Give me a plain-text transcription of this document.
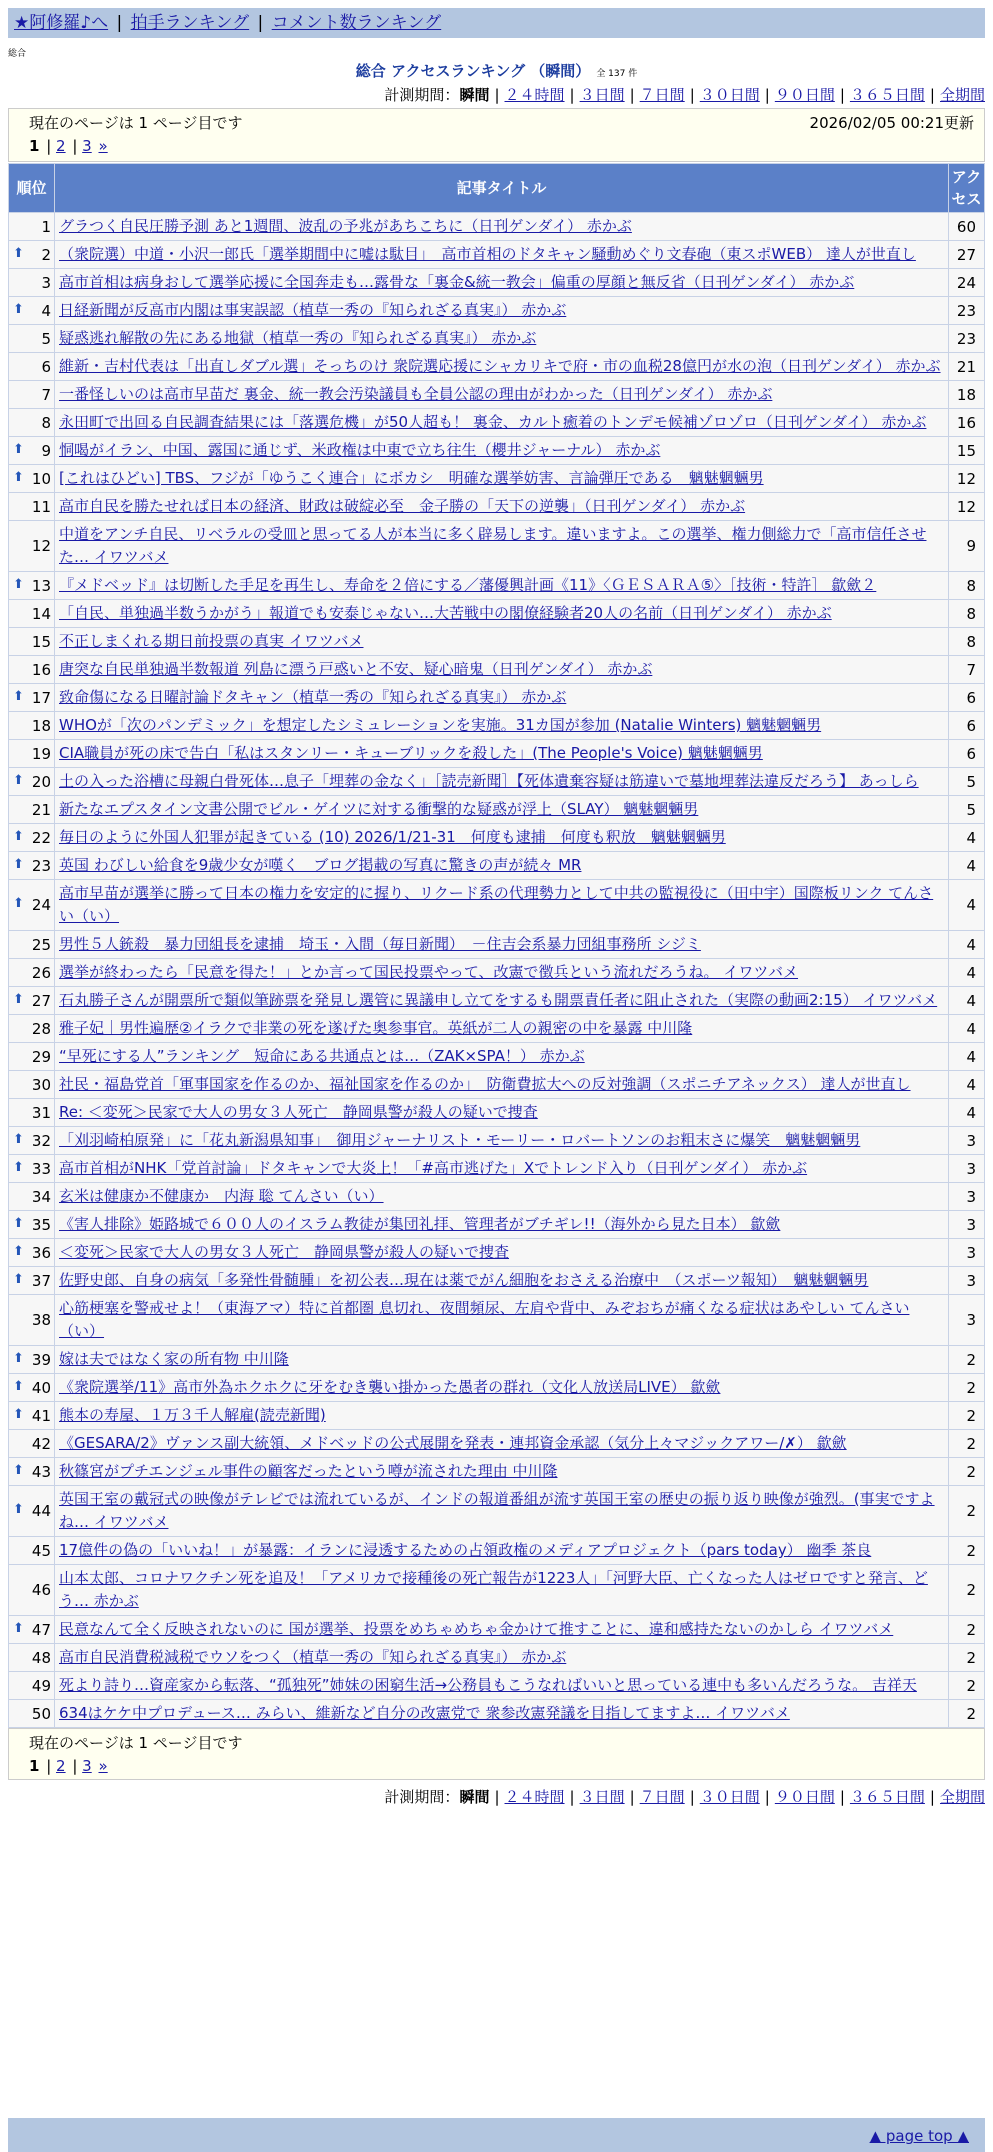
★阿修羅♪へ | 拍手ランキング | コメント数ランキング
総合
総合 アクセスランキング （瞬間） 全 137 件
計測期間：瞬間 | ２４時間 | ３日間 | ７日間 | ３０日間 | ９０日間 | ３６５日間 | 全期間
現在のページは 1 ページ目です	2026/02/05 00:21更新
1 | 2 | 3 »
順位	記事タイトル	アクセス
1	グラつく自民圧勝予測 あと1週間、波乱の予兆があちこちに（日刊ゲンダイ） 赤かぶ	60

⬆ 2	（衆院選）中道・小沢一郎氏「選挙期間中に嘘は駄目」　高市首相のドタキャン騒動めぐり文春砲（東スポWEB） 達人が世直し	27
3	高市首相は病身おして選挙応援に全国奔走も…露骨な「裏金&統一教会」偏重の厚顔と無反省（日刊ゲンダイ） 赤かぶ	24

⬆ 4	日経新聞が反高市内閣は事実誤認（植草一秀の『知られざる真実』） 赤かぶ	23
5	疑惑逃れ解散の先にある地獄（植草一秀の『知られざる真実』） 赤かぶ	23
6	維新・吉村代表は「出直しダブル選」そっちのけ 衆院選応援にシャカリキで府・市の血税28億円が水の泡（日刊ゲンダイ） 赤かぶ	21
7	一番怪しいのは高市早苗だ 裏金、統一教会汚染議員も全員公認の理由がわかった（日刊ゲンダイ） 赤かぶ	18
8	永田町で出回る自民調査結果には「落選危機」が50人超も！ 裏金、カルト癒着のトンデモ候補ゾロゾロ（日刊ゲンダイ） 赤かぶ	16

⬆ 9	恫喝がイラン、中国、露国に通じず、米政権は中東で立ち往生（櫻井ジャーナル） 赤かぶ	15

⬆ 10	[これはひどい] TBS、フジが「ゆうこく連合」にボカシ　明確な選挙妨害、言論弾圧である　魑魅魍魎男	12
11	高市自民を勝たせれば日本の経済、財政は破綻必至　金子勝の「天下の逆襲」（日刊ゲンダイ） 赤かぶ	12
12	中道をアンチ自民、リベラルの受皿と思ってる人が本当に多く辟易します。違いますよ。この選挙、権力側総力で「高市信任させた… イワツバメ	9

⬆ 13	『メドベッド』は切断した手足を再生し、寿命を２倍にする／藩優興計画《11》〈ＧＥＳＡＲＡ⑤〉［技術・特許］ 歙歛２	8
14	「自民、単独過半数うかがう」報道でも安泰じゃない…大苦戦中の閣僚経験者20人の名前（日刊ゲンダイ） 赤かぶ	8
15	不正しまくれる期日前投票の真実 イワツバメ	8
16	唐突な自民単独過半数報道 列島に漂う戸惑いと不安、疑心暗鬼（日刊ゲンダイ） 赤かぶ	7

⬆ 17	致命傷になる日曜討論ドタキャン（植草一秀の『知られざる真実』） 赤かぶ	6
18	WHOが「次のパンデミック」を想定したシミュレーションを実施。31カ国が参加 (Natalie Winters) 魑魅魍魎男	6
19	CIA職員が死の床で告白「私はスタンリー・キューブリックを殺した」(The People's Voice) 魑魅魍魎男	6

⬆ 20	土の入った浴槽に母親白骨死体…息子「埋葬の金なく」［読売新聞］【死体遺棄容疑は筋違いで墓地埋葬法違反だろう】 あっしら	5
21	新たなエプスタイン文書公開でビル・ゲイツに対する衝撃的な疑惑が浮上（SLAY） 魑魅魍魎男	5

⬆ 22	毎日のように外国人犯罪が起きている (10) 2026/1/21-31　何度も逮捕　何度も釈放　魑魅魍魎男	4

⬆ 23	英国 わびしい給食を9歳少女が嘆く　ブログ掲載の写真に驚きの声が続々 MR	4

⬆ 24	高市早苗が選挙に勝って日本の権力を安定的に握り、リクード系の代理勢力として中共の監視役に（田中宇）国際板リンク てんさい（い）	4
25	男性５人銃殺　暴力団組長を逮捕　埼玉・入間（毎日新聞）　－住吉会系暴力団組事務所 シジミ	4
26	選挙が終わったら「民意を得た！」とか言って国民投票やって、改憲で徴兵という流れだろうね。 イワツバメ	4

⬆ 27	石丸勝子さんが開票所で類似筆跡票を発見し選管に異議申し立てをするも開票責任者に阻止された（実際の動画2:15） イワツバメ	4
28	雅子妃｜男性遍歴②イラクで非業の死を遂げた奥参事官。英紙が二人の親密の中を暴露 中川隆	4
29	“早死にする人”ランキング　短命にある共通点とは…（ZAK×SPA！） 赤かぶ	4
30	社民・福島党首「軍事国家を作るのか、福祉国家を作るのか」　防衛費拡大への反対強調（スポニチアネックス） 達人が世直し	4
31	Re: ＜変死＞民家で大人の男女３人死亡　静岡県警が殺人の疑いで捜査	4

⬆ 32	「刈羽崎柏原発」に「花丸新潟県知事」　御用ジャーナリスト・モーリー・ロバートソンのお粗末さに爆笑　魑魅魍魎男	3

⬆ 33	高市首相がNHK「党首討論」ドタキャンで大炎上！「#高市逃げた」Xでトレンド入り（日刊ゲンダイ） 赤かぶ	3
34	玄米は健康か不健康か　内海 聡 てんさい（い）	3

⬆ 35	《害人排除》姫路城で６００人のイスラム教徒が集団礼拝、管理者がブチギレ!!（海外から見た日本） 歙歛	3

⬆ 36	＜変死＞民家で大人の男女３人死亡　静岡県警が殺人の疑いで捜査	3

⬆ 37	佐野史郎、自身の病気「多発性骨髄腫」を初公表…現在は薬でがん細胞をおさえる治療中　（スポーツ報知）　魑魅魍魎男	3
38	心筋梗塞を警戒せよ！（東海アマ）特に首都圏 息切れ、夜間頻尿、左肩や背中、みぞおちが痛くなる症状はあやしい てんさい（い）	3

⬆ 39	嫁は夫ではなく家の所有物 中川隆	2

⬆ 40	《衆院選挙/11》高市外為ホクホクに牙をむき襲い掛かった愚者の群れ（文化人放送局LIVE） 歙歛	2

⬆ 41	熊本の寿屋、１万３千人解雇(読売新聞)	2
42	《GESARA/2》ヴァンス副大統領、メドベッドの公式展開を発表・連邦資金承認（気分上々マジックアワー/✗） 歙歛	2

⬆ 43	秋篠宮がプチエンジェル事件の顧客だったという噂が流された理由 中川隆	2

⬆ 44	英国王室の戴冠式の映像がテレビでは流れているが、インドの報道番組が流す英国王室の歴史の振り返り映像が強烈。(事実ですよね… イワツバメ	2
45	17億件の偽の「いいね！」が暴露：イランに浸透するための占領政権のメディアプロジェクト（pars today） 幽季 茶良	2
46	山本太郎、コロナワクチン死を追及！「アメリカで接種後の死亡報告が1223人」「河野大臣、亡くなった人はゼロですと発言、どう… 赤かぶ	2

⬆ 47	民意なんて全く反映されないのに 国が選挙、投票をめちゃめちゃ金かけて推すことに、違和感持たないのかしら イワツバメ	2
48	高市自民消費税減税でウソをつく（植草一秀の『知られざる真実』） 赤かぶ	2
49	死より詩り…資産家から転落、“孤独死”姉妹の困窮生活→公務員もこうなればいいと思っている連中も多いんだろうな。 吉祥天	2
50	634はケケ中プロデュース… みらい、維新など自分の改憲党で 衆参改憲発議を目指してますよ… イワツバメ	2
現在のページは 1 ページ目です
1 | 2 | 3 »
計測期間：瞬間 | ２４時間 | ３日間 | ７日間 | ３０日間 | ９０日間 | ３６５日間 | 全期間
▲ page top ▲
